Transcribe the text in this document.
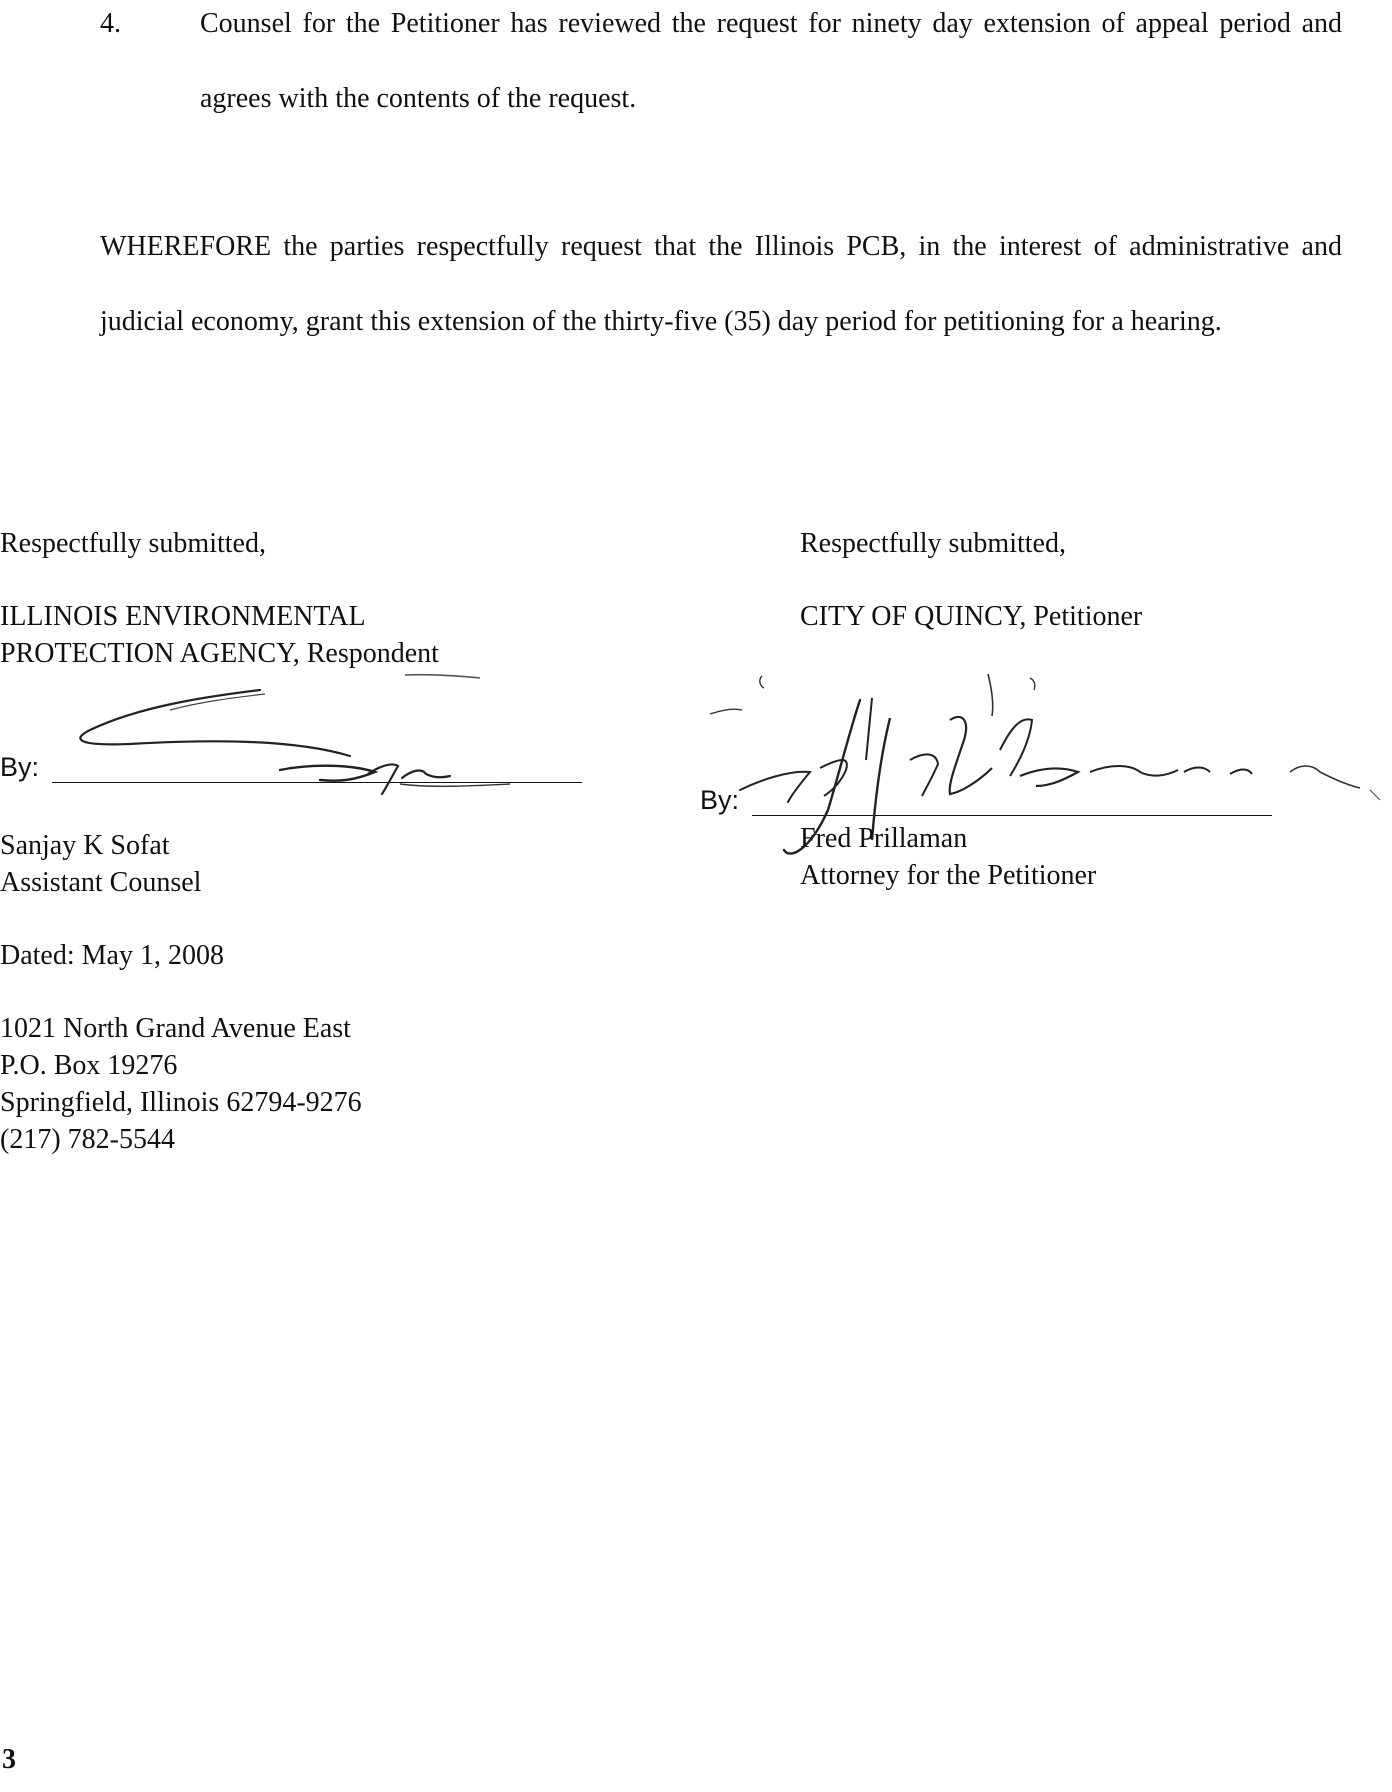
4.	Counsel for the Petitioner has reviewed the request for ninety day extension of appeal period and agrees with the contents of the request.
WHEREFORE the parties respectfully request that the Illinois PCB, in the interest of administrative and judicial economy, grant this extension of the thirty-five (35) day period for petitioning for a hearing.
Respectfully submitted,
ILLINOIS ENVIRONMENTAL
PROTECTION AGENCY, Respondent
By:
Sanjay K Sofat
Assistant Counsel
Dated: May 1, 2008
1021 North Grand Avenue East
P.O. Box 19276
Springfield, Illinois 62794-9276
(217) 782-5544
Respectfully submitted,
CITY OF QUINCY, Petitioner
By:
Fred Prillaman
Attorney for the Petitioner
3
